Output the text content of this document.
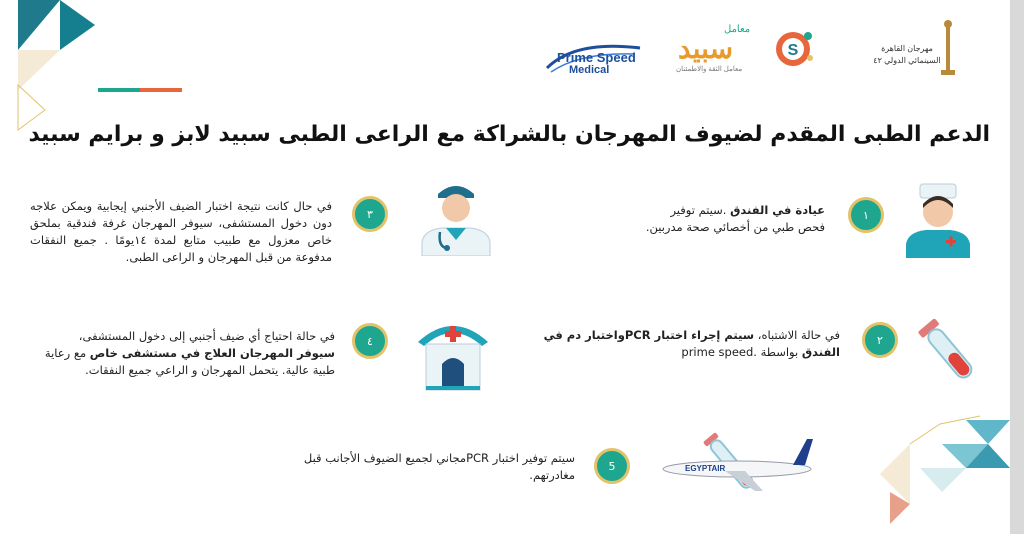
Prime Speed
Medical
معامل
سبيد
معامل الثقة والاطمئنان
S	مهرجان القاهرة
السينمائي الدولي ٤٢
الدعم الطبى المقدم لضيوف المهرجان بالشراكة مع الراعى الطبى سبيد لابز و برايم سبيد
١
عيادة في الفندق .سيتم توفير فحص طبي من أخصائي صحة مدربين.
٢
في حالة الاشتباه، سيتم إجراء اختبار PCRواختبار دم في الفندق بواسطة .prime speed
٣
في حال كانت نتيجة اختبار الضيف الأجنبي إيجابية ويمكن علاجه دون دخول المستشفى، سيوفر المهرجان غرفة فندقية بملحق خاص معزول مع طبيب متابع لمدة ١٤يومًا . جميع النفقات مدفوعة من قبل المهرجان و الراعى الطبى.
٤
في حالة احتياج أي ضيف أجنبي إلى دخول المستشفى، سيوفر المهرجان العلاج في مستشفى خاص مع رعاية طبية عالية. يتحمل المهرجان و الراعي جميع النفقات.
EGYPTAIR
5
سيتم توفير اختبار PCRمجاني لجميع الضيوف الأجانب قبل مغادرتهم.
